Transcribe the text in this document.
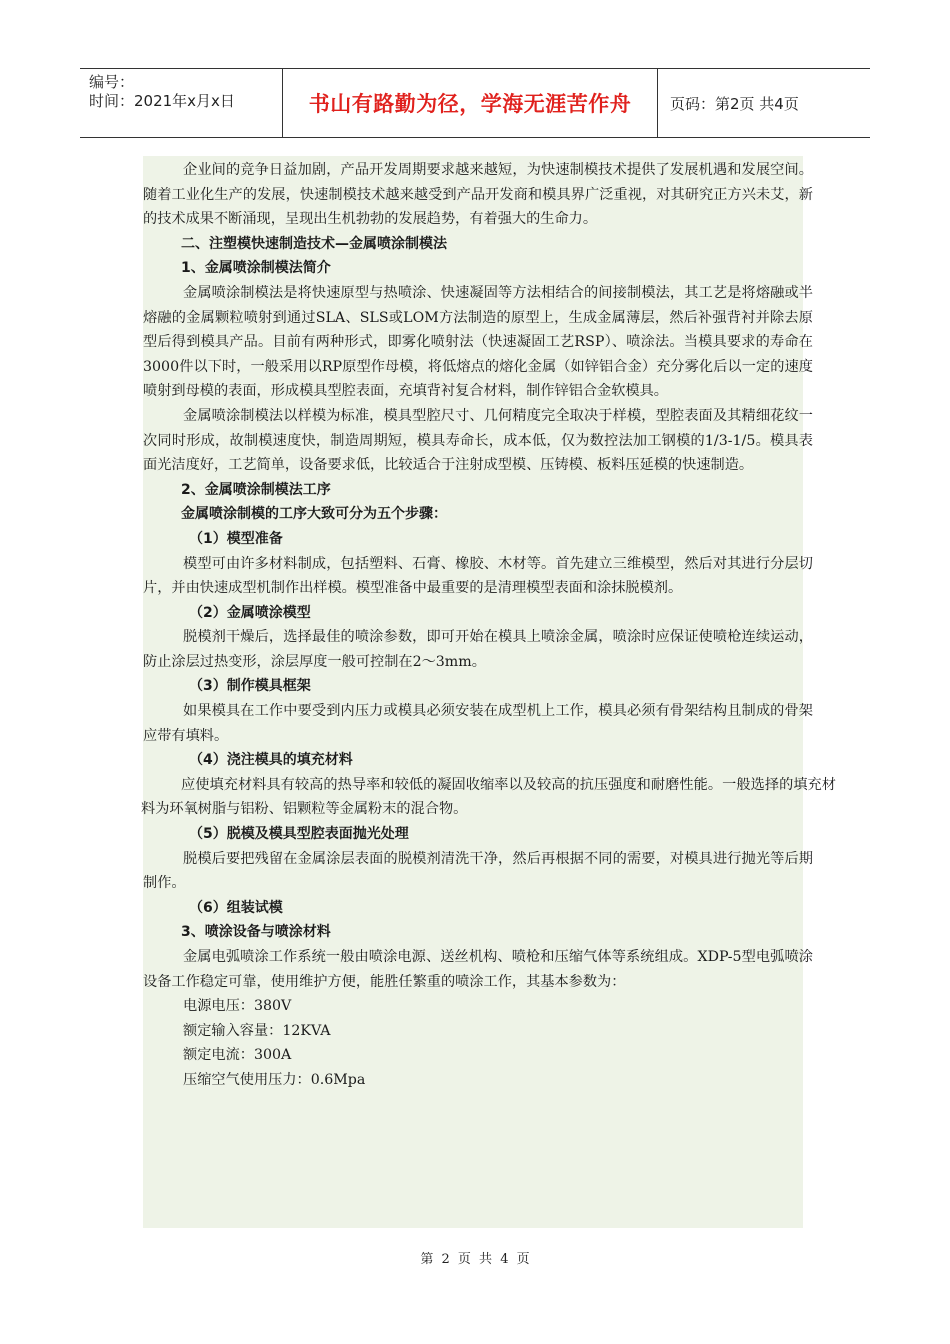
编号：
时间：2021年x月x日	书山有路勤为径，学海无涯苦作舟	页码：第2页 共4页

企业间的竞争日益加剧，产品开发周期要求越来越短，为快速制模技术提供了发展机遇和发展空间。随着工业化生产的发展，快速制模技术越来越受到产品开发商和模具界广泛重视，对其研究正方兴未艾，新的技术成果不断涌现，呈现出生机勃勃的发展趋势，有着强大的生命力。

二、注塑模快速制造技术—金属喷涂制模法

1、金属喷涂制模法简介

金属喷涂制模法是将快速原型与热喷涂、快速凝固等方法相结合的间接制模法，其工艺是将熔融或半熔融的金属颗粒喷射到通过SLA、SLS或LOM方法制造的原型上，生成金属薄层，然后补强背衬并除去原型后得到模具产品。目前有两种形式，即雾化喷射法（快速凝固工艺RSP）、喷涂法。当模具要求的寿命在 3000件以下时，一般采用以RP原型作母模，将低熔点的熔化金属（如锌铝合金）充分雾化后以一定的速度喷射到母模的表面，形成模具型腔表面，充填背衬复合材料，制作锌铝合金软模具。

金属喷涂制模法以样模为标准，模具型腔尺寸、几何精度完全取决于样模，型腔表面及其精细花纹一次同时形成，故制模速度快，制造周期短，模具寿命长，成本低，仅为数控法加工钢模的1/3-1/5。模具表面光洁度好，工艺简单，设备要求低，比较适合于注射成型模、压铸模、板料压延模的快速制造。

2、金属喷涂制模法工序

金属喷涂制模的工序大致可分为五个步骤：

（1）模型准备

模型可由许多材料制成，包括塑料、石膏、橡胶、木材等。首先建立三维模型，然后对其进行分层切片，并由快速成型机制作出样模。模型准备中最重要的是清理模型表面和涂抹脱模剂。

（2）金属喷涂模型

脱模剂干燥后，选择最佳的喷涂参数，即可开始在模具上喷涂金属，喷涂时应保证使喷枪连续运动，防止涂层过热变形，涂层厚度一般可控制在2～3mm。

（3）制作模具框架

如果模具在工作中要受到内压力或模具必须安装在成型机上工作，模具必须有骨架结构且制成的骨架应带有填料。

（4）浇注模具的填充材料

应使填充材料具有较高的热导率和较低的凝固收缩率以及较高的抗压强度和耐磨性能。一般选择的填充材料为环氧树脂与铝粉、铝颗粒等金属粉末的混合物。

（5）脱模及模具型腔表面抛光处理

脱模后要把残留在金属涂层表面的脱模剂清洗干净，然后再根据不同的需要，对模具进行抛光等后期制作。

（6）组装试模

3、喷涂设备与喷涂材料

金属电弧喷涂工作系统一般由喷涂电源、送丝机构、喷枪和压缩气体等系统组成。XDP-5型电弧喷涂设备工作稳定可靠，使用维护方便，能胜任繁重的喷涂工作，其基本参数为：

电源电压：380V

额定输入容量：12KVA

额定电流：300A

压缩空气使用压力：0.6Mpa

第 2 页 共 4 页
